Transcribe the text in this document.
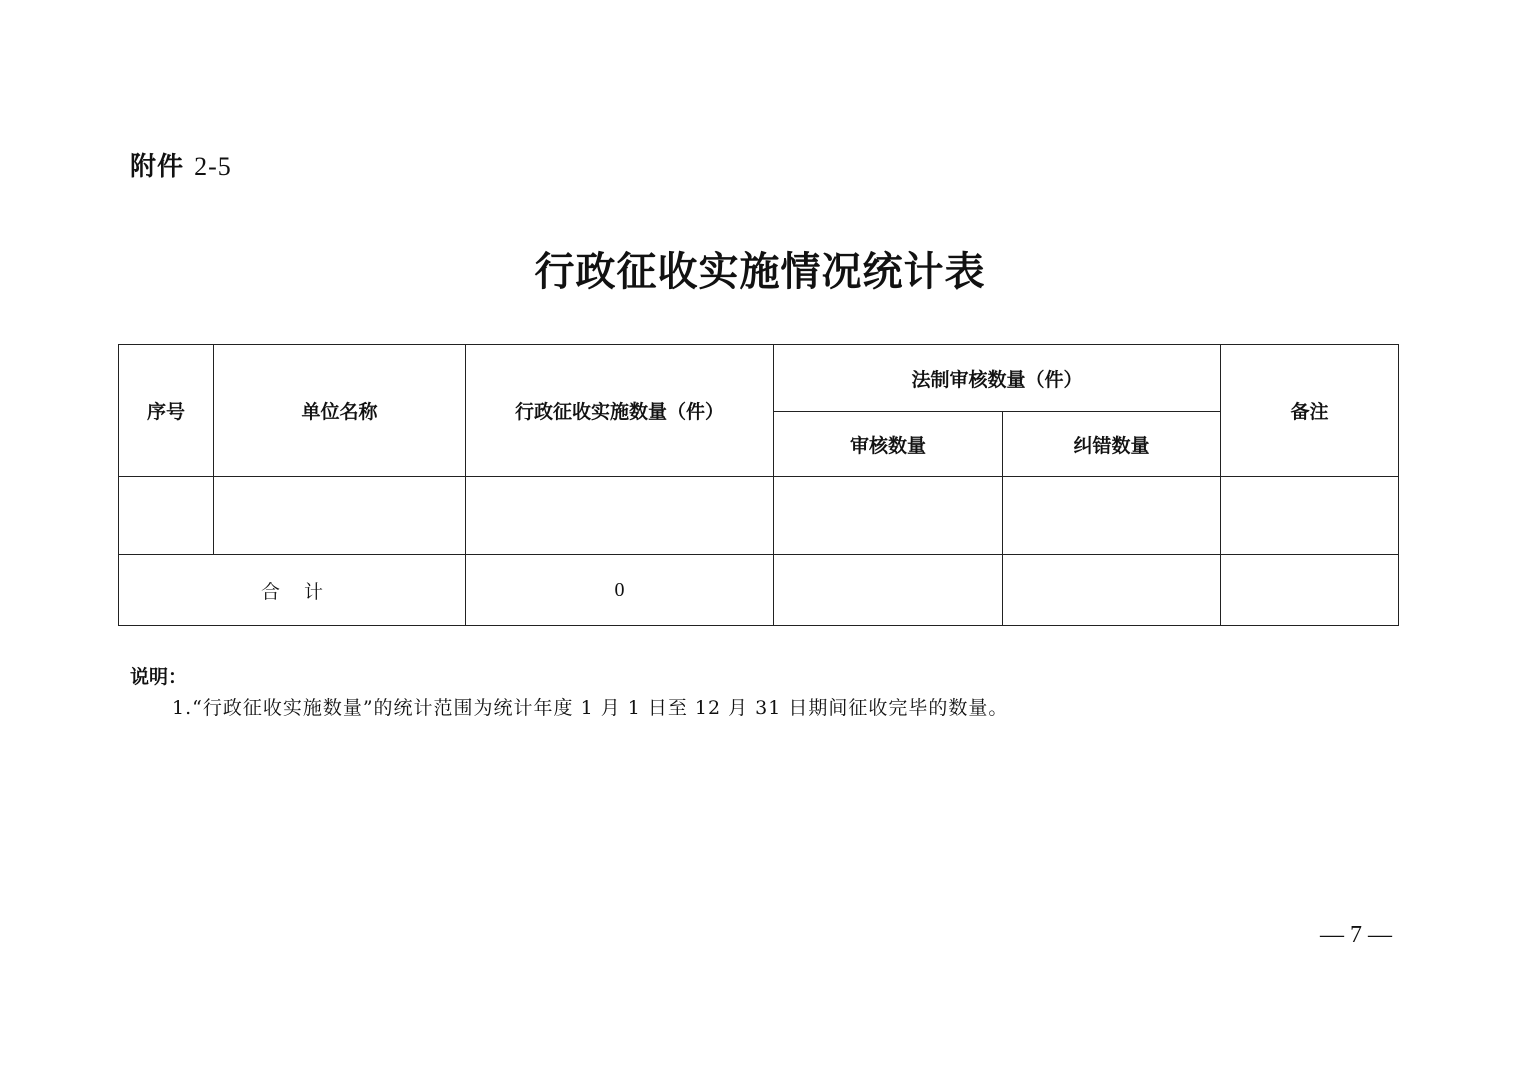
附件 2-5
行政征收实施情况统计表
序号	单位名称	行政征收实施数量（件）	法制审核数量（件）		备注
			审核数量	纠错数量	

合计		0			
说明：
1.“行政征收实施数量”的统计范围为统计年度 1 月 1 日至 12 月 31 日期间征收完毕的数量。
— 7 —
